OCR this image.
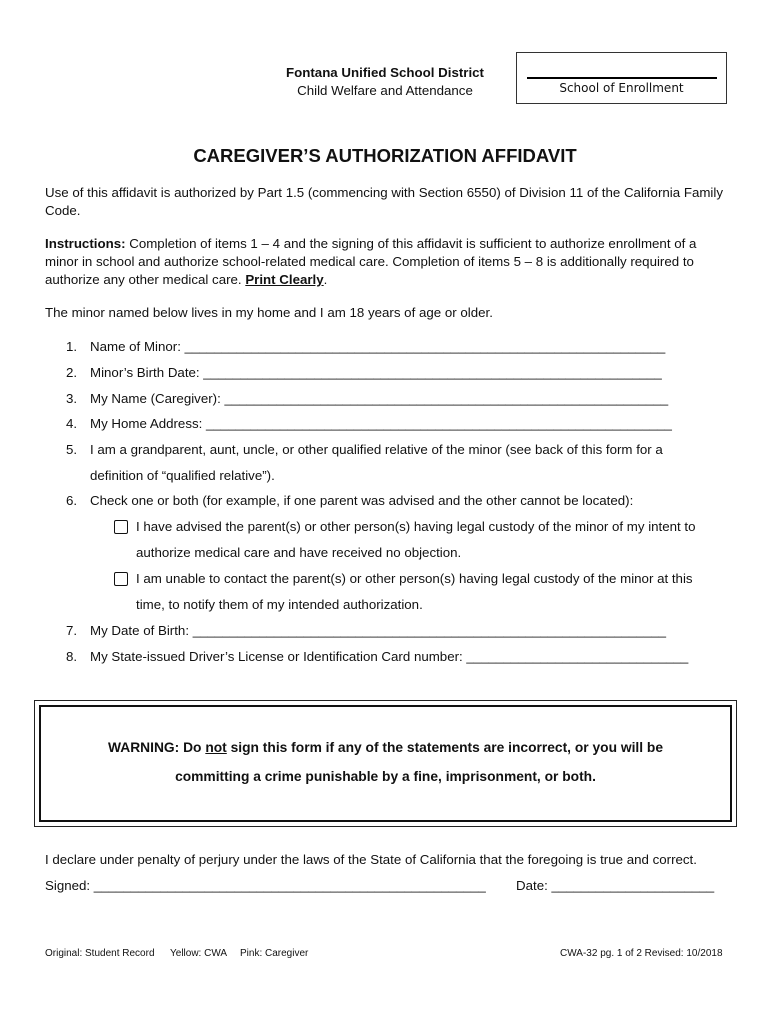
Fontana Unified School District
Child Welfare and Attendance	School of Enrollment
CAREGIVER’S AUTHORIZATION AFFIDAVIT
Use of this affidavit is authorized by Part 1.5 (commencing with Section 6550) of Division 11 of the California Family Code.
Instructions: Completion of items 1 – 4 and the signing of this affidavit is sufficient to authorize enrollment of a minor in school and authorize school-related medical care. Completion of items 5 – 8 is additionally required to authorize any other medical care. Print Clearly.
The minor named below lives in my home and I am 18 years of age or older.
1. Name of Minor: _________________________________________________________________
2. Minor’s Birth Date: ______________________________________________________________
3. My Name (Caregiver): ____________________________________________________________
4. My Home Address: _______________________________________________________________
5. I am a grandparent, aunt, uncle, or other qualified relative of the minor (see back of this form for a
definition of “qualified relative”).
6. Check one or both (for example, if one parent was advised and the other cannot be located):
I have advised the parent(s) or other person(s) having legal custody of the minor of my intent to
authorize medical care and have received no objection.
I am unable to contact the parent(s) or other person(s) having legal custody of the minor at this
time, to notify them of my intended authorization.
7. My Date of Birth: ________________________________________________________________
8. My State-issued Driver’s License or Identification Card number: ______________________________
WARNING: Do not sign this form if any of the statements are incorrect, or you will be
committing a crime punishable by a fine, imprisonment, or both.
I declare under penalty of perjury under the laws of the State of California that the foregoing is true and correct.
Signed: _____________________________________________________ Date: ______________________
Original: Student Record Yellow: CWA Pink: Caregiver	CWA-32 pg. 1 of 2 Revised: 10/2018
